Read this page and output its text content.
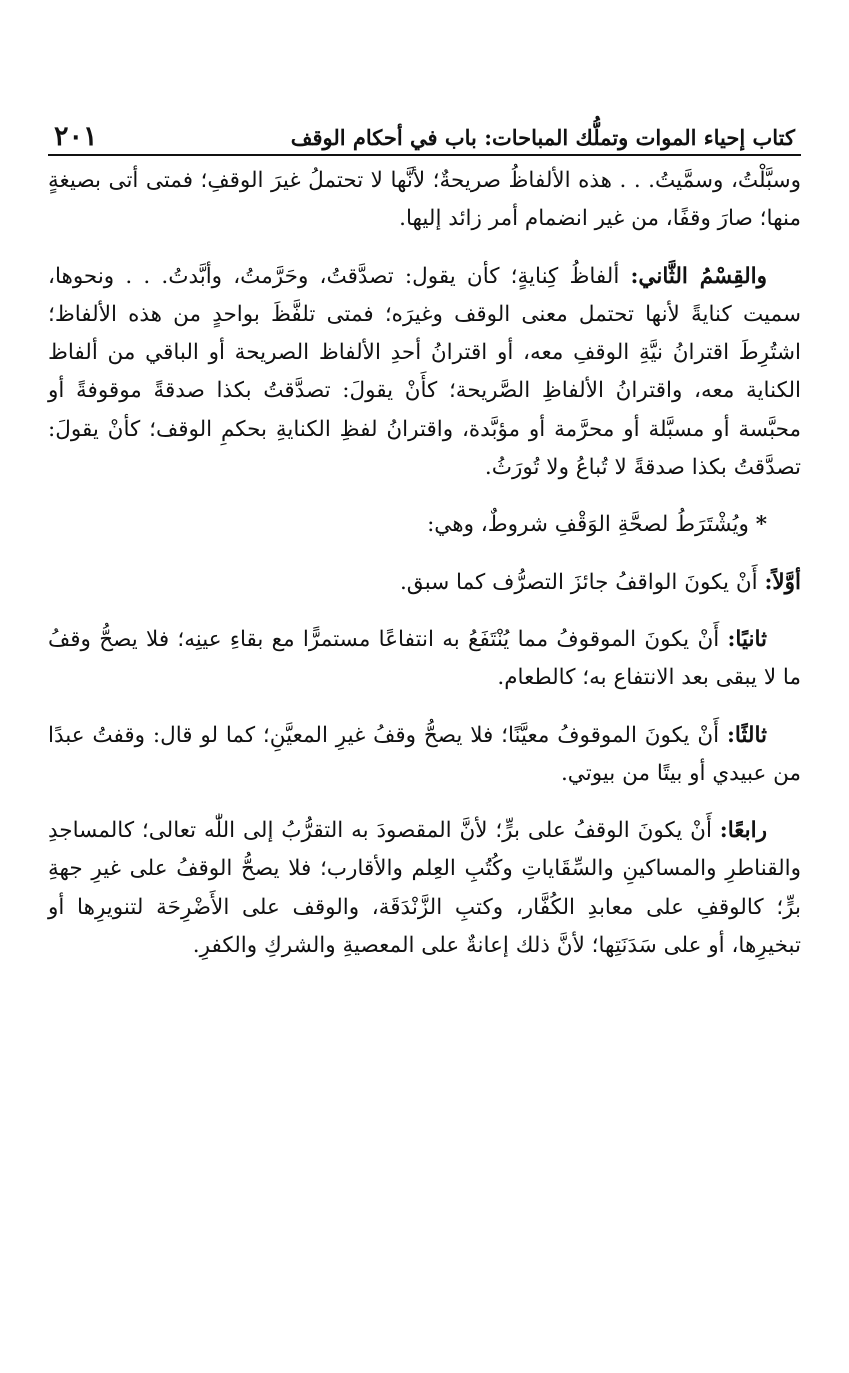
كتاب إحياء الموات وتملُّك المباحات: باب في أحكام الوقف
٢٠١

وسبَّلْتُ، وسمَّيتُ. . . هذه الألفاظُ صريحةٌ؛ لأنَّها لا تحتملُ غيرَ الوقفِ؛ فمتى أتى بصيغةٍ منها؛ صارَ وقفًا، من غير انضمام أمر زائد إليها.

والقِسْمُ الثَّاني: ألفاظُ كِنايةٍ؛ كأن يقول: تصدَّقتُ، وحَرَّمتُ، وأبَّدتُ. . . ونحوها، سميت كنايةً لأنها تحتمل معنى الوقف وغيرَه؛ فمتى تلفَّظَ بواحدٍ من هذه الألفاظ؛ اشتُرِطَ اقترانُ نيَّةِ الوقفِ معه، أو اقترانُ أحدِ الألفاظ الصريحة أو الباقي من ألفاظ الكناية معه، واقترانُ الألفاظِ الصَّريحة؛ كأَنْ يقولَ: تصدَّقتُ بكذا صدقةً موقوفةً أو محبَّسة أو مسبَّلة أو محرَّمة أو مؤبَّدة، واقترانُ لفظِ الكنايةِ بحكمِ الوقف؛ كأنْ يقولَ: تصدَّقتُ بكذا صدقةً لا تُباعُ ولا تُورَثُ.

* ويُشْتَرَطُ لصحَّةِ الوَقْفِ شروطٌ، وهي:

أوَّلاً: أَنْ يكونَ الواقفُ جائزَ التصرُّف كما سبق.

ثانيًا: أَنْ يكونَ الموقوفُ مما يُنْتَفَعُ به انتفاعًا مستمرًّا مع بقاءِ عينِه؛ فلا يصحُّ وقفُ ما لا يبقى بعد الانتفاع به؛ كالطعام.

ثالثًا: أَنْ يكونَ الموقوفُ معيَّنًا؛ فلا يصحُّ وقفُ غيرِ المعيَّنِ؛ كما لو قال: وقفتُ عبدًا من عبيدي أو بيتًا من بيوتي.

رابعًا: أَنْ يكونَ الوقفُ على برٍّ؛ لأنَّ المقصودَ به التقرُّبُ إلى اللّٰه تعالى؛ كالمساجدِ والقناطرِ والمساكينِ والسِّقَاياتِ وكُتُبِ العِلم والأقارب؛ فلا يصحُّ الوقفُ على غيرِ جهةِ برٍّ؛ كالوقفِ على معابدِ الكُفَّار، وكتبِ الزَّنْدَقَة، والوقف على الأَضْرِحَة لتنويرِها أو تبخيرِها، أو على سَدَنَتِها؛ لأنَّ ذلك إعانةٌ على المعصيةِ والشركِ والكفرِ.
